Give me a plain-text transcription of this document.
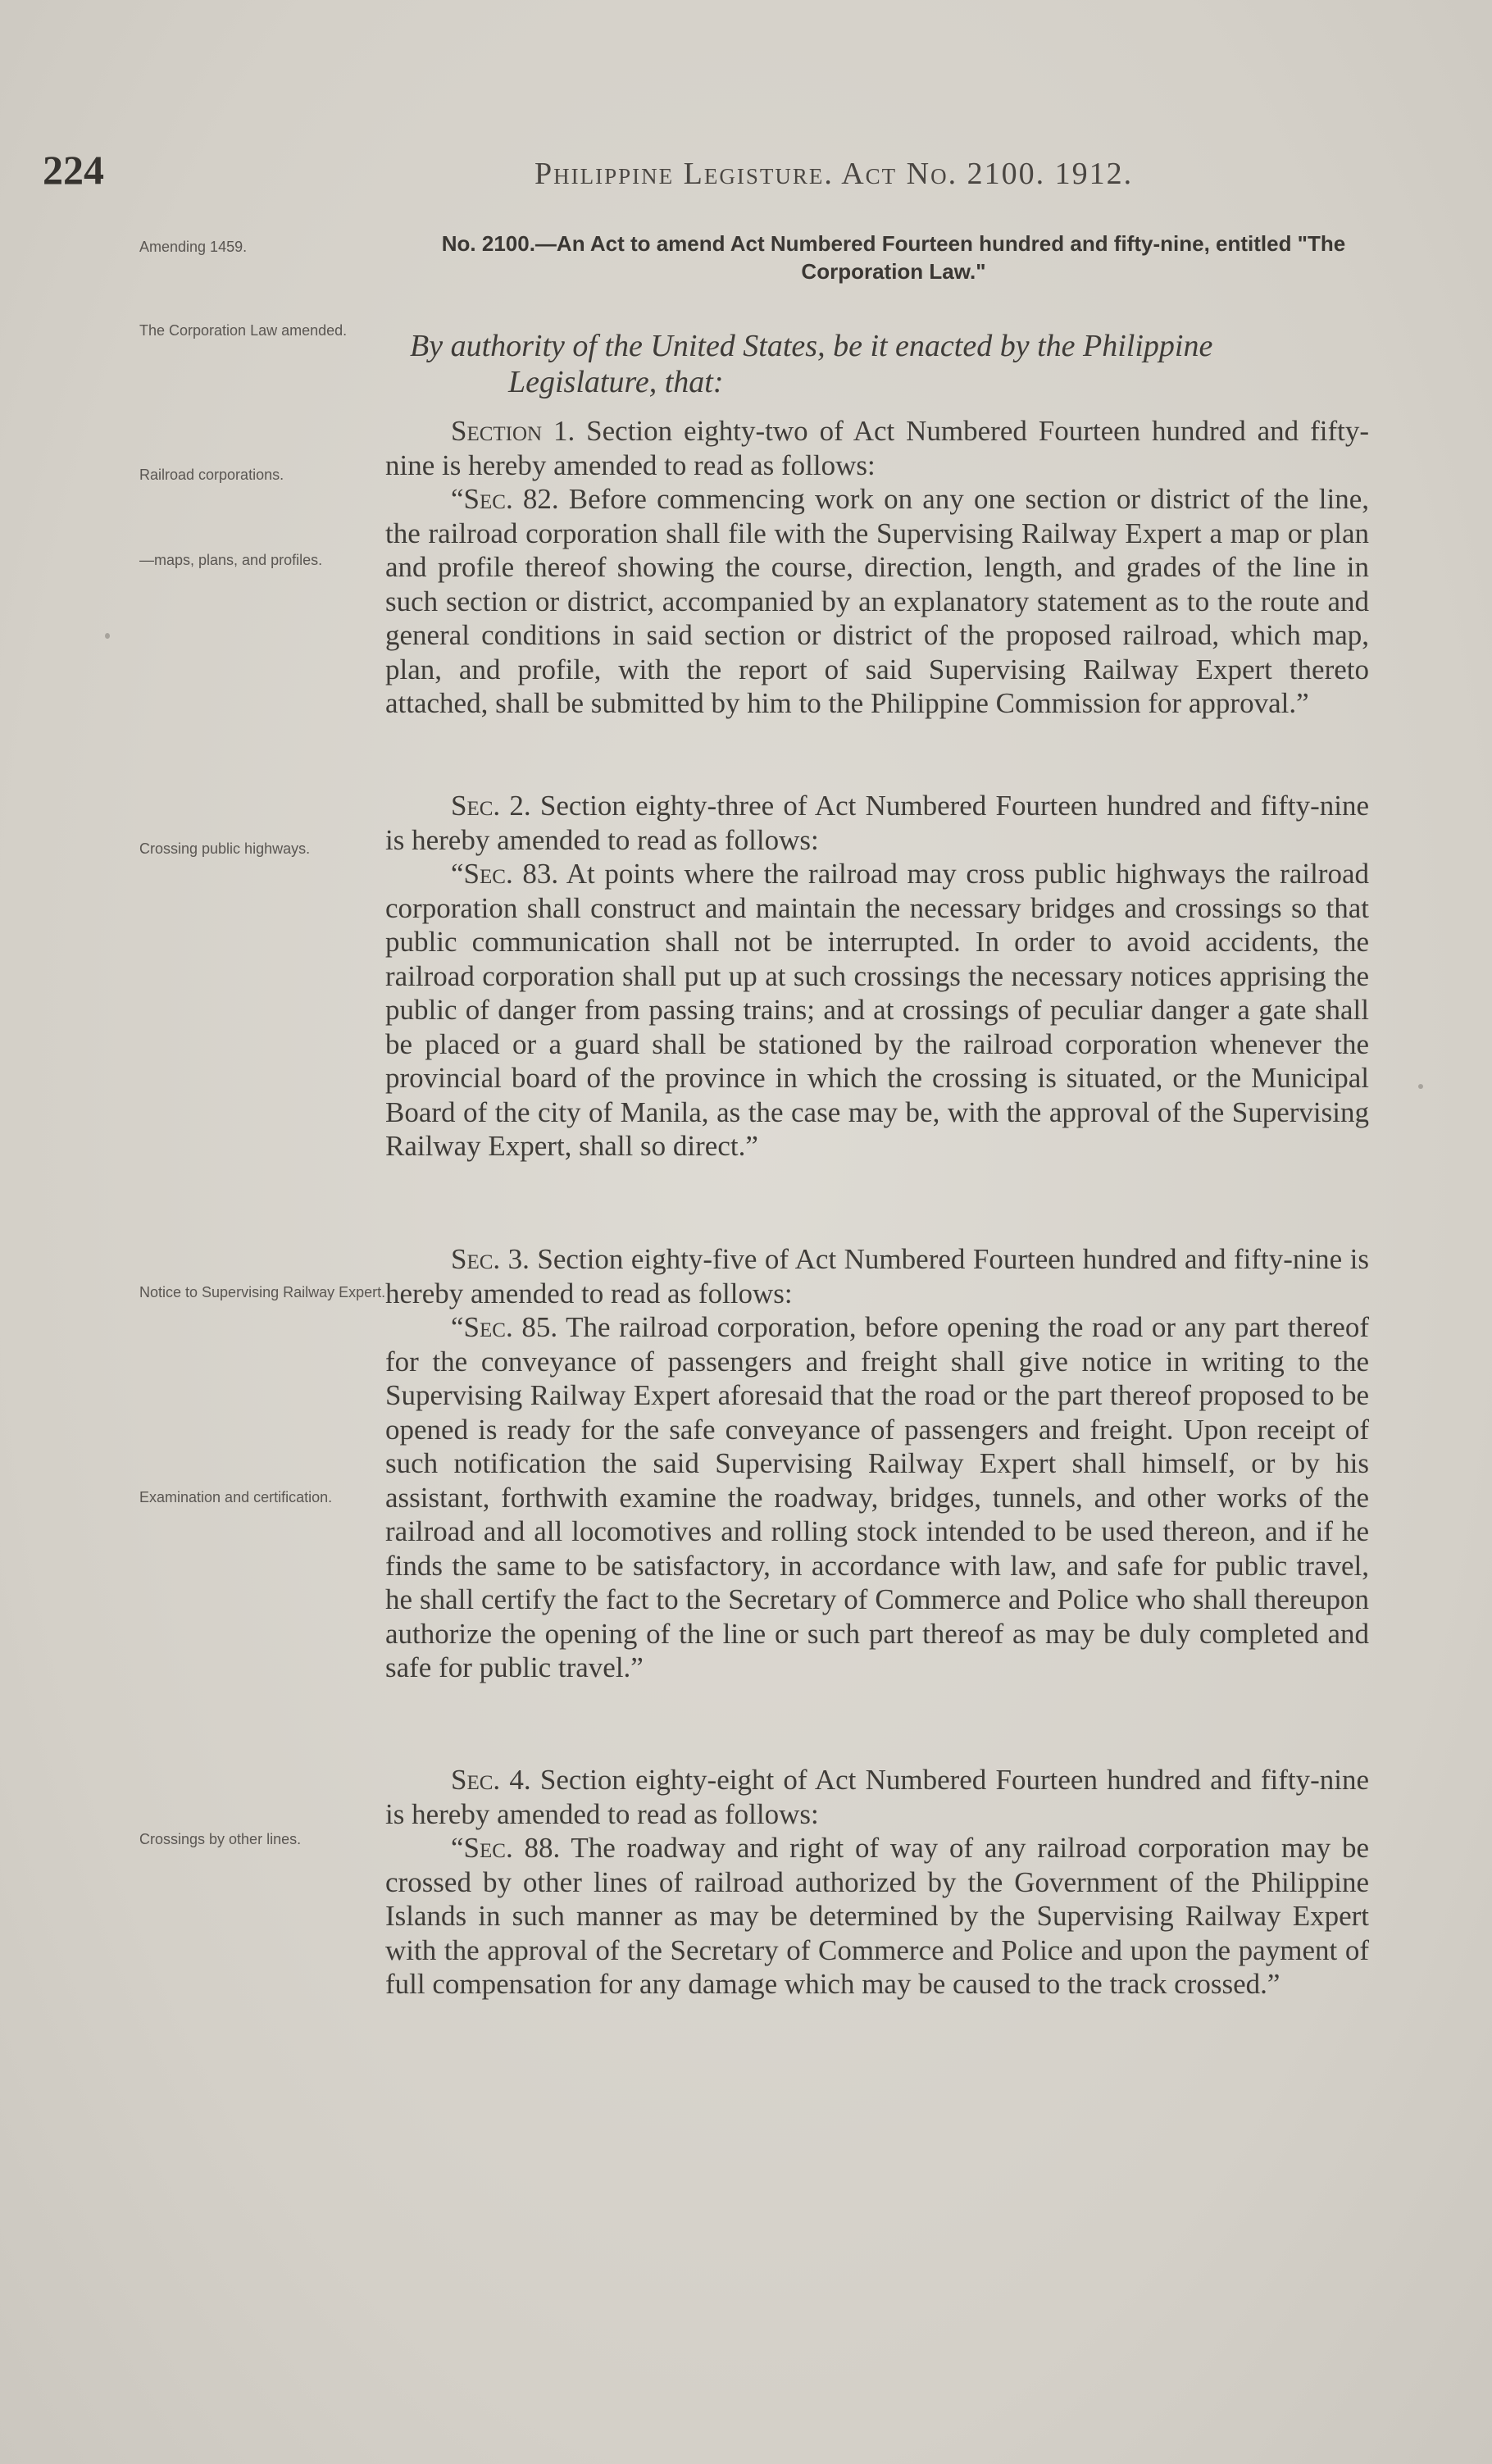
224	Philippine Legisture. Act No. 2100. 1912.
Amending 1459.
The Corporation Law amended.
Railroad corporations.
—maps, plans, and profiles.
Crossing public highways.
Notice to Supervising Railway Expert.
Examination and certification.
Crossings by other lines.
No. 2100.—An Act to amend Act Numbered Fourteen hundred and fifty-nine, entitled "The Corporation Law."
By authority of the United States, be it enacted by the Philippine
Legislature, that:

Section 1. Section eighty-two of Act Numbered Fourteen hundred and fifty-nine is hereby amended to read as follows:

“Sec. 82. Before commencing work on any one section or district of the line, the railroad corporation shall file with the Supervising Railway Expert a map or plan and profile thereof showing the course, direction, length, and grades of the line in such section or district, accompanied by an explanatory statement as to the route and general conditions in said section or district of the proposed railroad, which map, plan, and profile, with the report of said Supervising Railway Expert thereto attached, shall be submitted by him to the Philippine Commission for approval.”

Sec. 2. Section eighty-three of Act Numbered Fourteen hundred and fifty-nine is hereby amended to read as follows:

“Sec. 83. At points where the railroad may cross public highways the railroad corporation shall construct and maintain the necessary bridges and crossings so that public communication shall not be interrupted. In order to avoid accidents, the railroad corporation shall put up at such crossings the necessary notices apprising the public of danger from passing trains; and at crossings of peculiar danger a gate shall be placed or a guard shall be stationed by the railroad corporation whenever the provincial board of the province in which the crossing is situated, or the Municipal Board of the city of Manila, as the case may be, with the approval of the Supervising Railway Expert, shall so direct.”

Sec. 3. Section eighty-five of Act Numbered Fourteen hundred and fifty-nine is hereby amended to read as follows:

“Sec. 85. The railroad corporation, before opening the road or any part thereof for the conveyance of passengers and freight shall give notice in writing to the Supervising Railway Expert aforesaid that the road or the part thereof proposed to be opened is ready for the safe conveyance of passengers and freight. Upon receipt of such notification the said Supervising Railway Expert shall himself, or by his assistant, forthwith examine the roadway, bridges, tunnels, and other works of the railroad and all locomotives and rolling stock intended to be used thereon, and if he finds the same to be satisfactory, in accordance with law, and safe for public travel, he shall certify the fact to the Secretary of Commerce and Police who shall thereupon authorize the opening of the line or such part thereof as may be duly completed and safe for public travel.”

Sec. 4. Section eighty-eight of Act Numbered Fourteen hundred and fifty-nine is hereby amended to read as follows:

“Sec. 88. The roadway and right of way of any railroad corporation may be crossed by other lines of railroad authorized by the Government of the Philippine Islands in such manner as may be determined by the Supervising Railway Expert with the approval of the Secretary of Commerce and Police and upon the payment of full compensation for any damage which may be caused to the track crossed.”
